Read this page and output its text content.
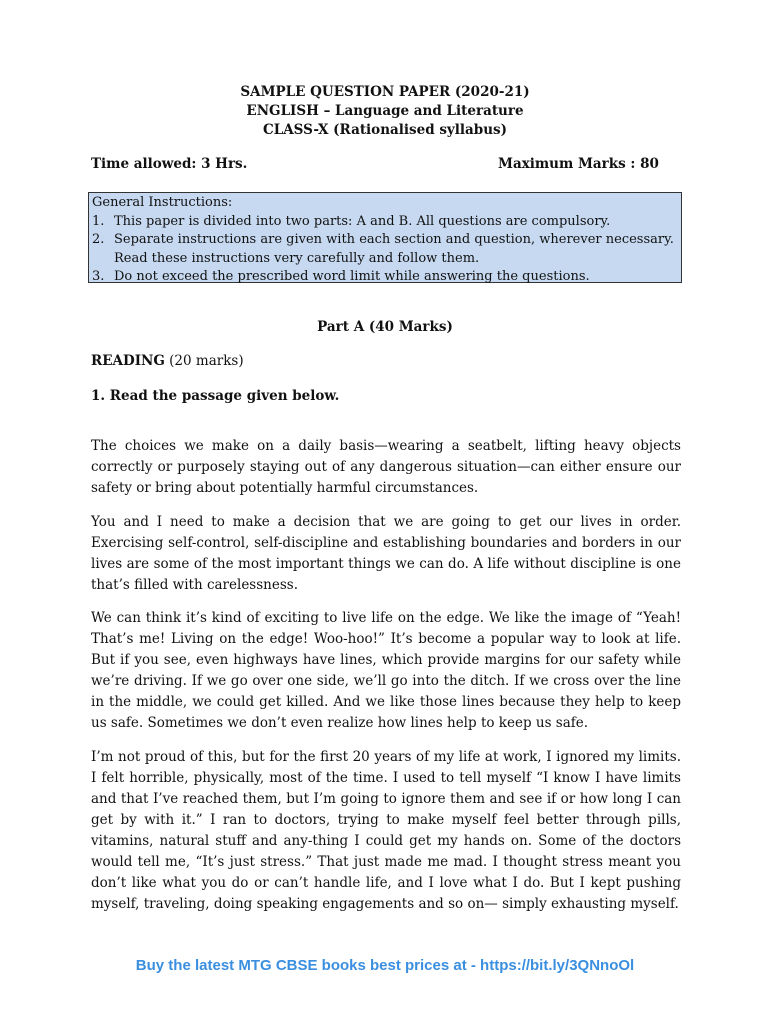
SAMPLE QUESTION PAPER (2020-21)
ENGLISH – Language and Literature
CLASS-X (Rationalised syllabus)
Time allowed: 3 Hrs.	Maximum Marks : 80
General Instructions:
1. This paper is divided into two parts: A and B. All questions are compulsory.
2. Separate instructions are given with each section and question, wherever necessary. Read these instructions very carefully and follow them.
3. Do not exceed the prescribed word limit while answering the questions.
Part A (40 Marks)
READING (20 marks)
1. Read the passage given below.

The choices we make on a daily basis—wearing a seatbelt, lifting heavy objects correctly or purposely staying out of any dangerous situation—can either ensure our safety or bring about potentially harmful circumstances.

You and I need to make a decision that we are going to get our lives in order. Exercising self-control, self-discipline and establishing boundaries and borders in our lives are some of the most important things we can do. A life without discipline is one that’s filled with carelessness.

We can think it’s kind of exciting to live life on the edge. We like the image of “Yeah! That’s me! Living on the edge! Woo-hoo!” It’s become a popular way to look at life. But if you see, even highways have lines, which provide margins for our safety while we’re driving. If we go over one side, we’ll go into the ditch. If we cross over the line in the middle, we could get killed. And we like those lines because they help to keep us safe. Sometimes we don’t even realize how lines help to keep us safe.

I’m not proud of this, but for the first 20 years of my life at work, I ignored my limits. I felt horrible, physically, most of the time. I used to tell myself “I know I have limits and that I’ve reached them, but I’m going to ignore them and see if or how long I can get by with it.” I ran to doctors, trying to make myself feel better through pills, vitamins, natural stuff and any-thing I could get my hands on. Some of the doctors would tell me, “It’s just stress.” That just made me mad. I thought stress meant you don’t like what you do or can’t handle life, and I love what I do. But I kept pushing myself, traveling, doing speaking engagements and so on— simply exhausting myself.

Buy the latest MTG CBSE books best prices at - https://bit.ly/3QNnoOl
